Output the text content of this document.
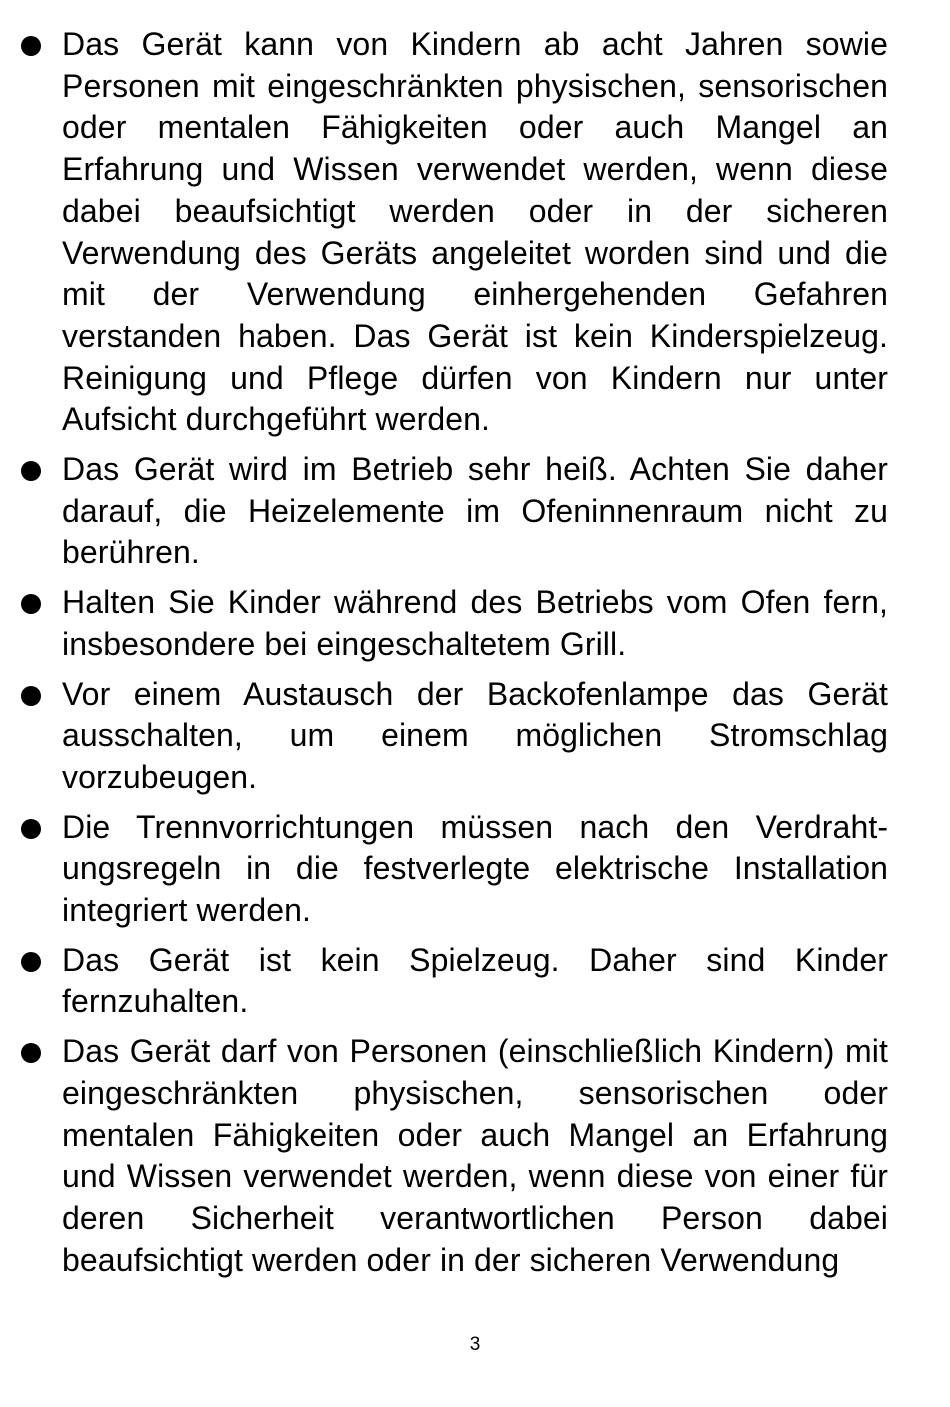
Das Gerät kann von Kindern ab acht Jahren sowie Personen mit eingeschränkten physischen, sensorischen oder mentalen Fähigkeiten oder auch Mangel an Erfahrung und Wissen verwendet werden, wenn diese dabei beaufsichtigt werden oder in der sicheren Verwendung des Geräts angeleitet worden sind und die mit der Verwendung einhergehenden Gefahren verstanden haben. Das Gerät ist kein Kinderspielzeug. Reinigung und Pflege dürfen von Kindern nur unter Aufsicht durchgeführt werden.
Das Gerät wird im Betrieb sehr heiß. Achten Sie daher darauf, die Heizelemente im Ofeninnenraum nicht zu berühren.
Halten Sie Kinder während des Betriebs vom Ofen fern, insbesondere bei eingeschaltetem Grill.
Vor einem Austausch der Backofenlampe das Gerät ausschalten, um einem möglichen Stromschlag vorzubeugen.
Die Trennvorrichtungen müssen nach den Verdrahtungsregeln in die festverlegte elektrische Installation integriert werden.
Das Gerät ist kein Spielzeug. Daher sind Kinder fernzuhalten.
Das Gerät darf von Personen (einschließlich Kindern) mit eingeschränkten physischen, sensorischen oder mentalen Fähigkeiten oder auch Mangel an Erfahrung und Wissen verwendet werden, wenn diese von einer für deren Sicherheit verantwortlichen Person dabei beaufsichtigt werden oder in der sicheren Verwendung
3
